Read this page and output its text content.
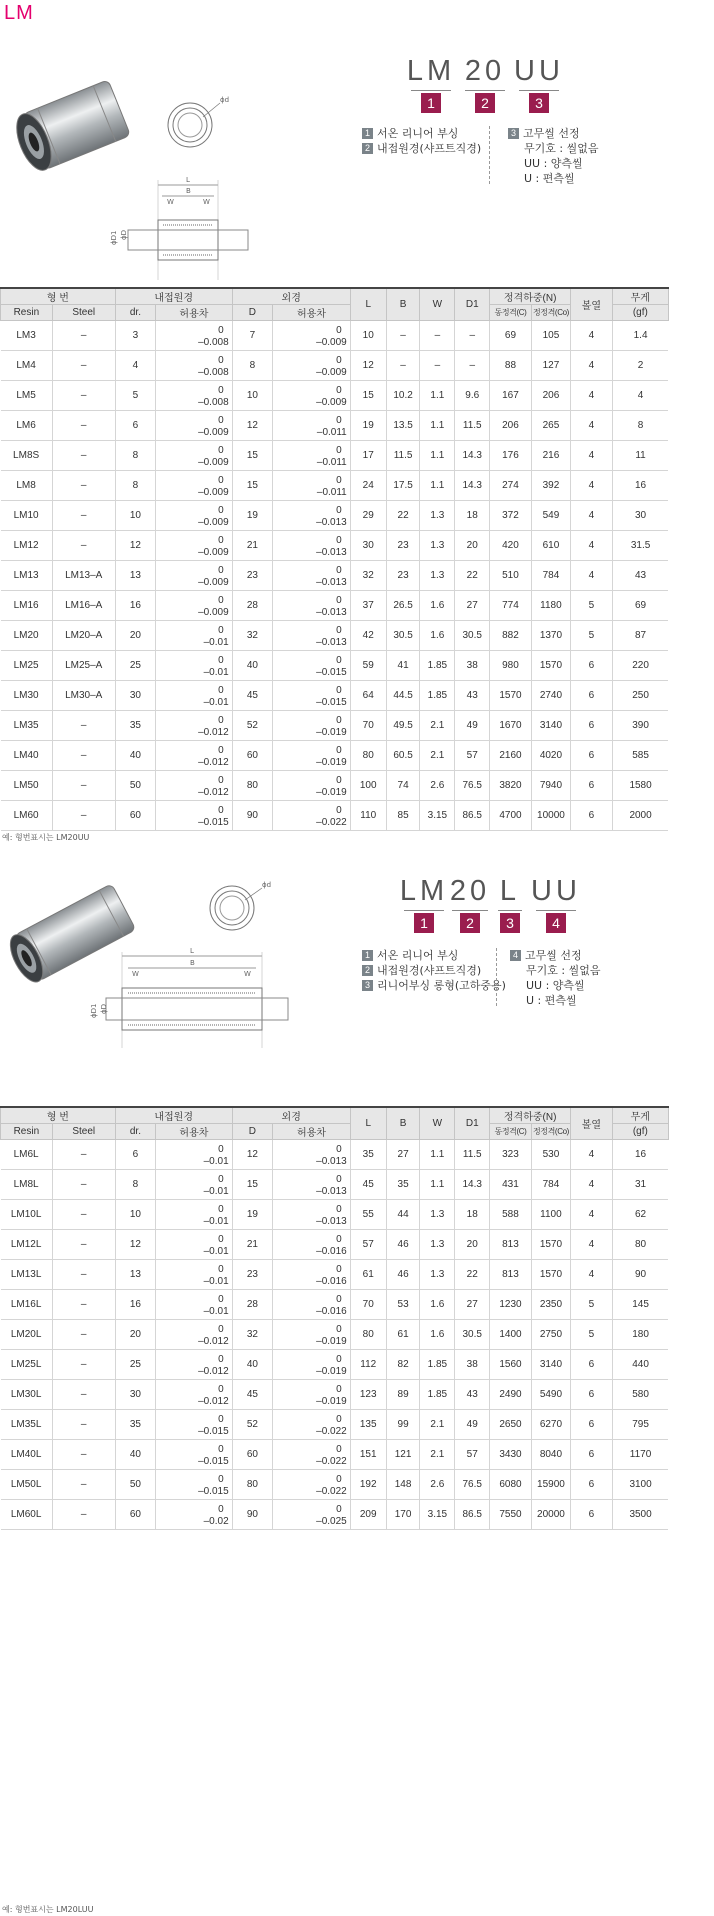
LM
ϕd
L
B
W	W
ϕD1 ϕD
LM
1
20
2
UU
3
1 서온 리니어 부싱
2 내접원경(샤프트직경)
3 고무씰 선정
무기호 : 씰없음
UU : 양측씰
U : 편측씰
형 번		내접원경		외경		L	B	W	D1	정격하중(N)		볼열	무게
Resin	Steel	dr.	허용차	D	허용차					동정격(C)	정정격(Co)		(gf)
LM3	–	3	0
–0.008	7	0
–0.009	10	–	–	–	69	105	4	1.4
LM4	–	4	0
–0.008	8	0
–0.009	12	–	–	–	88	127	4	2
LM5	–	5	0
–0.008	10	0
–0.009	15	10.2	1.1	9.6	167	206	4	4
LM6	–	6	0
–0.009	12	0
–0.011	19	13.5	1.1	11.5	206	265	4	8
LM8S	–	8	0
–0.009	15	0
–0.011	17	11.5	1.1	14.3	176	216	4	11
LM8	–	8	0
–0.009	15	0
–0.011	24	17.5	1.1	14.3	274	392	4	16
LM10	–	10	0
–0.009	19	0
–0.013	29	22	1.3	18	372	549	4	30
LM12	–	12	0
–0.009	21	0
–0.013	30	23	1.3	20	420	610	4	31.5
LM13	LM13–A	13	0
–0.009	23	0
–0.013	32	23	1.3	22	510	784	4	43
LM16	LM16–A	16	0
–0.009	28	0
–0.013	37	26.5	1.6	27	774	1180	5	69
LM20	LM20–A	20	0
–0.01	32	0
–0.013	42	30.5	1.6	30.5	882	1370	5	87
LM25	LM25–A	25	0
–0.01	40	0
–0.015	59	41	1.85	38	980	1570	6	220
LM30	LM30–A	30	0
–0.01	45	0
–0.015	64	44.5	1.85	43	1570	2740	6	250
LM35	–	35	0
–0.012	52	0
–0.019	70	49.5	2.1	49	1670	3140	6	390
LM40	–	40	0
–0.012	60	0
–0.019	80	60.5	2.1	57	2160	4020	6	585
LM50	–	50	0
–0.012	80	0
–0.019	100	74	2.6	76.5	3820	7940	6	1580
LM60	–	60	0
–0.015	90	0
–0.022	110	85	3.15	86.5	4700	10000	6	2000
예: 형번표시는 LM20UU
ϕd
L
B
W	W
ϕD1 ϕD
LM
1
20
2
L
3
UU
4
1 서온 리니어 부싱
2 내접원경(샤프트직경)
3 리니어부싱 롱형(고하중용)
4 고무씰 선정
무기호 : 씰없음
UU : 양측씰
U : 편측씰
형 번		내접원경		외경		L	B	W	D1	정격하중(N)		볼열	무게
Resin	Steel	dr.	허용차	D	허용차					동정격(C)	정정격(Co)		(gf)
LM6L	–	6	0
–0.01	12	0
–0.013	35	27	1.1	11.5	323	530	4	16
LM8L	–	8	0
–0.01	15	0
–0.013	45	35	1.1	14.3	431	784	4	31
LM10L	–	10	0
–0.01	19	0
–0.013	55	44	1.3	18	588	1100	4	62
LM12L	–	12	0
–0.01	21	0
–0.016	57	46	1.3	20	813	1570	4	80
LM13L	–	13	0
–0.01	23	0
–0.016	61	46	1.3	22	813	1570	4	90
LM16L	–	16	0
–0.01	28	0
–0.016	70	53	1.6	27	1230	2350	5	145
LM20L	–	20	0
–0.012	32	0
–0.019	80	61	1.6	30.5	1400	2750	5	180
LM25L	–	25	0
–0.012	40	0
–0.019	112	82	1.85	38	1560	3140	6	440
LM30L	–	30	0
–0.012	45	0
–0.019	123	89	1.85	43	2490	5490	6	580
LM35L	–	35	0
–0.015	52	0
–0.022	135	99	2.1	49	2650	6270	6	795
LM40L	–	40	0
–0.015	60	0
–0.022	151	121	2.1	57	3430	8040	6	1170
LM50L	–	50	0
–0.015	80	0
–0.022	192	148	2.6	76.5	6080	15900	6	3100
LM60L	–	60	0
–0.02	90	0
–0.025	209	170	3.15	86.5	7550	20000	6	3500
예: 형번표시는 LM20LUU
